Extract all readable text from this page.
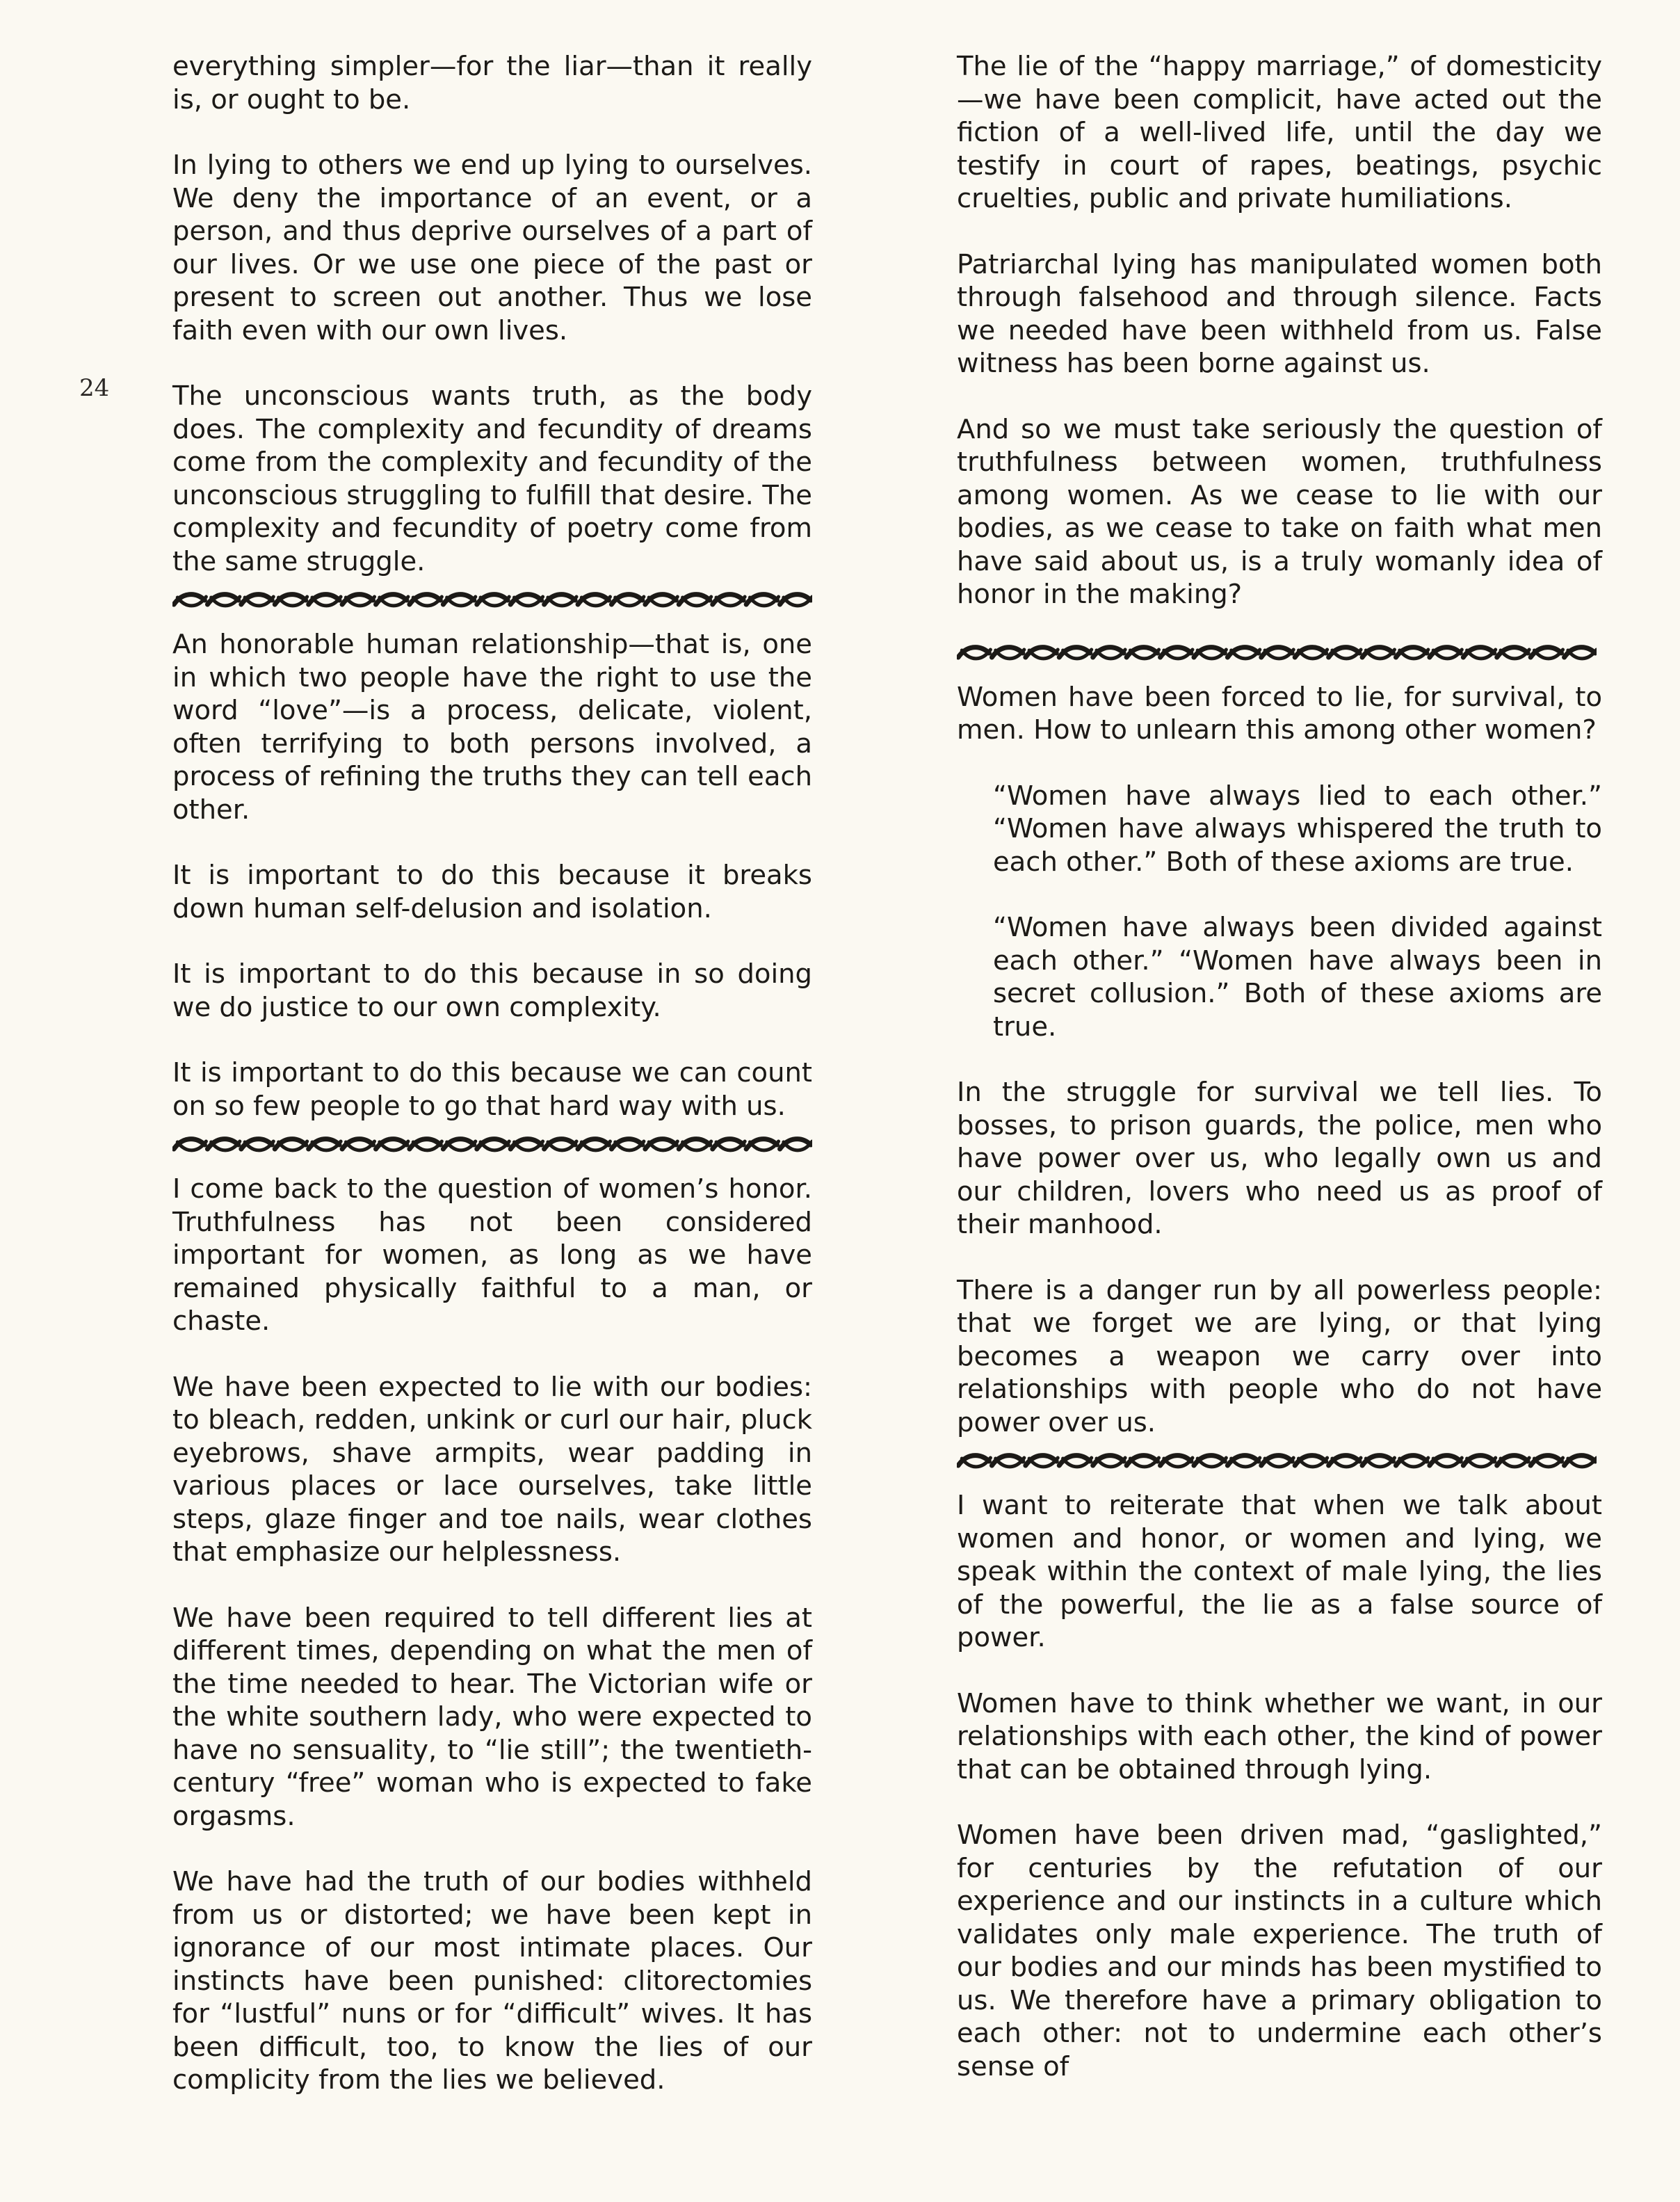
24

everything simpler—for the liar—than it really is, or ought to be.

In lying to others we end up lying to ourselves. We deny the importance of an event, or a person, and thus deprive ourselves of a part of our lives. Or we use one piece of the past or present to screen out another. Thus we lose faith even with our own lives.

The unconscious wants truth, as the body does. The complexity and fecundity of dreams come from the complexity and fecundity of the unconscious struggling to fulfill that desire. The complexity and fecundity of poetry come from the same struggle.

An honorable human relationship—that is, one in which two people have the right to use the word “love”—is a process, delicate, violent, often terrifying to both persons involved, a process of refining the truths they can tell each other.

It is important to do this because it breaks down human self-delusion and isolation.

It is important to do this because in so doing we do justice to our own complexity.

It is important to do this because we can count on so few people to go that hard way with us.

I come back to the question of women’s honor. Truthfulness has not been considered important for women, as long as we have remained physically faithful to a man, or chaste.

We have been expected to lie with our bodies: to bleach, redden, unkink or curl our hair, pluck eyebrows, shave armpits, wear padding in various places or lace ourselves, take little steps, glaze finger and toe nails, wear clothes that emphasize our helplessness.

We have been required to tell different lies at different times, depending on what the men of the time needed to hear. The Victorian wife or the white southern lady, who were expected to have no sensuality, to “lie still”; the twentieth-century “free” woman who is expected to fake orgasms.

We have had the truth of our bodies withheld from us or distorted; we have been kept in ignorance of our most intimate places. Our instincts have been punished: clitorectomies for “lustful” nuns or for “difficult” wives. It has been difficult, too, to know the lies of our complicity from the lies we believed.

The lie of the “happy marriage,” of domesticity —we have been complicit, have acted out the fiction of a well-lived life, until the day we testify in court of rapes, beatings, psychic cruelties, public and private humiliations.

Patriarchal lying has manipulated women both through falsehood and through silence. Facts we needed have been withheld from us. False witness has been borne against us.

And so we must take seriously the question of truthfulness between women, truthfulness among women. As we cease to lie with our bodies, as we cease to take on faith what men have said about us, is a truly womanly idea of honor in the making?

Women have been forced to lie, for survival, to men. How to unlearn this among other women?

“Women have always lied to each other.” “Women have always whispered the truth to each other.” Both of these axioms are true.

“Women have always been divided against each other.” “Women have always been in secret collusion.” Both of these axioms are true.

In the struggle for survival we tell lies. To bosses, to prison guards, the police, men who have power over us, who legally own us and our children, lovers who need us as proof of their manhood.

There is a danger run by all powerless people: that we forget we are lying, or that lying becomes a weapon we carry over into relationships with people who do not have power over us.

I want to reiterate that when we talk about women and honor, or women and lying, we speak within the context of male lying, the lies of the powerful, the lie as a false source of power.

Women have to think whether we want, in our relationships with each other, the kind of power that can be obtained through lying.

Women have been driven mad, “gaslighted,” for centuries by the refutation of our experience and our instincts in a culture which validates only male experience. The truth of our bodies and our minds has been mystified to us. We therefore have a primary obligation to each other: not to undermine each other’s sense of
